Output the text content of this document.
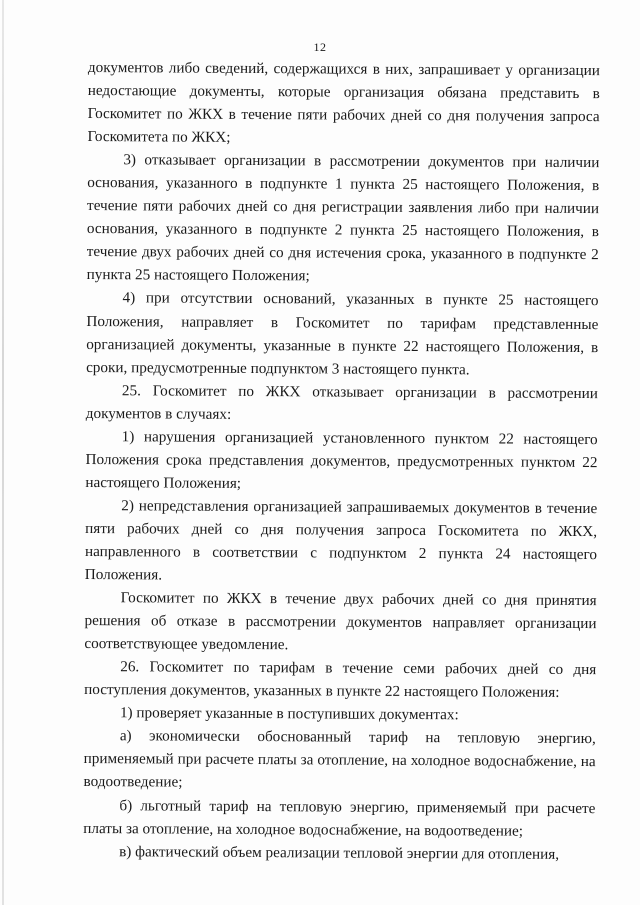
12

документов либо сведений, содержащихся в них, запрашивает у организации недостающие документы, которые организация обязана представить в Госкомитет по ЖКХ в течение пяти рабочих дней со дня получения запроса Госкомитета по ЖКХ;

3) отказывает организации в рассмотрении документов при наличии основания, указанного в подпункте 1 пункта 25 настоящего Положения, в течение пяти рабочих дней со дня регистрации заявления либо при наличии основания, указанного в подпункте 2 пункта 25 настоящего Положения, в течение двух рабочих дней со дня истечения срока, указанного в подпункте 2 пункта 25 настоящего Положения;

4) при отсутствии оснований, указанных в пункте 25 настоящего Положения, направляет в Госкомитет по тарифам представленные организацией документы, указанные в пункте 22 настоящего Положения, в сроки, предусмотренные подпунктом 3 настоящего пункта.

25. Госкомитет по ЖКХ отказывает организации в рассмотрении документов в случаях:

1) нарушения организацией установленного пунктом 22 настоящего Положения срока представления документов, предусмотренных пунктом 22 настоящего Положения;

2) непредставления организацией запрашиваемых документов в течение пяти рабочих дней со дня получения запроса Госкомитета по ЖКХ, направленного в соответствии с подпунктом 2 пункта 24 настоящего Положения.

Госкомитет по ЖКХ в течение двух рабочих дней со дня принятия решения об отказе в рассмотрении документов направляет организации соответствующее уведомление.

26. Госкомитет по тарифам в течение семи рабочих дней со дня поступления документов, указанных в пункте 22 настоящего Положения:

1) проверяет указанные в поступивших документах:

а) экономически обоснованный тариф на тепловую энергию, применяемый при расчете платы за отопление, на холодное водоснабжение, на водоотведение;

б) льготный тариф на тепловую энергию, применяемый при расчете платы за отопление, на холодное водоснабжение, на водоотведение;

в) фактический объем реализации тепловой энергии для отопления,
